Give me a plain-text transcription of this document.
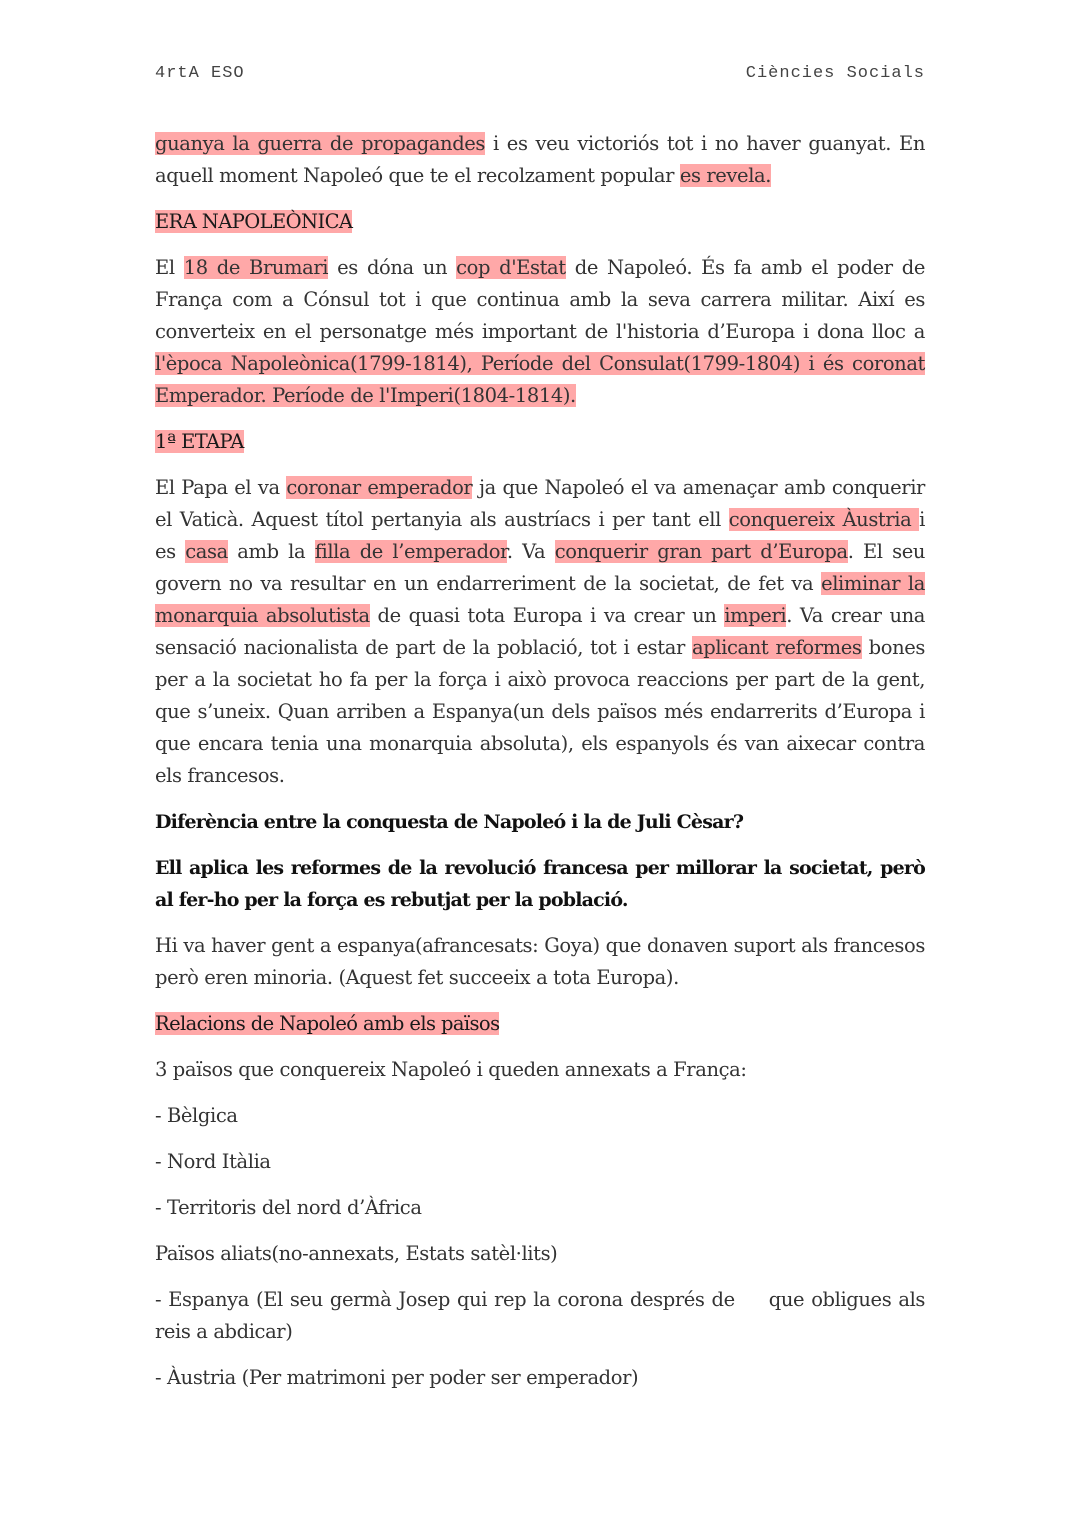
4rtA ESO	Ciències Socials

guanya la guerra de propagandes i es veu victoriós tot i no haver guanyat. En aquell moment Napoleó que te el recolzament popular es revela.

ERA NAPOLEÒNICA

El 18 de Brumari es dóna un cop d'Estat de Napoleó. És fa amb el poder de França com a Cónsul tot i que continua amb la seva carrera militar. Així es converteix en el personatge més important de l'historia d’Europa i dona lloc a l'època Napoleònica(1799-1814), Període del Consulat(1799-1804) i és coronat Emperador. Període de l'Imperi(1804-1814).

1ª ETAPA

El Papa el va coronar emperador ja que Napoleó el va amenaçar amb conquerir el Vaticà. Aquest títol pertanyia als austríacs i per tant ell conquereix Àustria i es casa amb la filla de l’emperador. Va conquerir gran part d’Europa. El seu govern no va resultar en un endarreriment de la societat, de fet va eliminar la monarquia absolutista de quasi tota Europa i va crear un imperi. Va crear una sensació nacionalista de part de la població, tot i estar aplicant reformes bones per a la societat ho fa per la força i això provoca reaccions per part de la gent, que s’uneix. Quan arriben a Espanya(un dels països més endarrerits d’Europa i que encara tenia una monarquia absoluta), els espanyols és van aixecar contra els francesos.

Diferència entre la conquesta de Napoleó i la de Juli Cèsar?

Ell aplica les reformes de la revolució francesa per millorar la societat, però al fer-ho per la força es rebutjat per la població.

Hi va haver gent a espanya(afrancesats: Goya) que donaven suport als francesos però eren minoria. (Aquest fet succeeix a tota Europa).

Relacions de Napoleó amb els països

3 països que conquereix Napoleó i queden annexats a França:

- Bèlgica

- Nord Itàlia

- Territoris del nord d’Àfrica

Països aliats(no-annexats, Estats satèl·lits)

- Espanya (El seu germà Josep qui rep la corona després de que obligues als reis a abdicar)

- Àustria (Per matrimoni per poder ser emperador)
